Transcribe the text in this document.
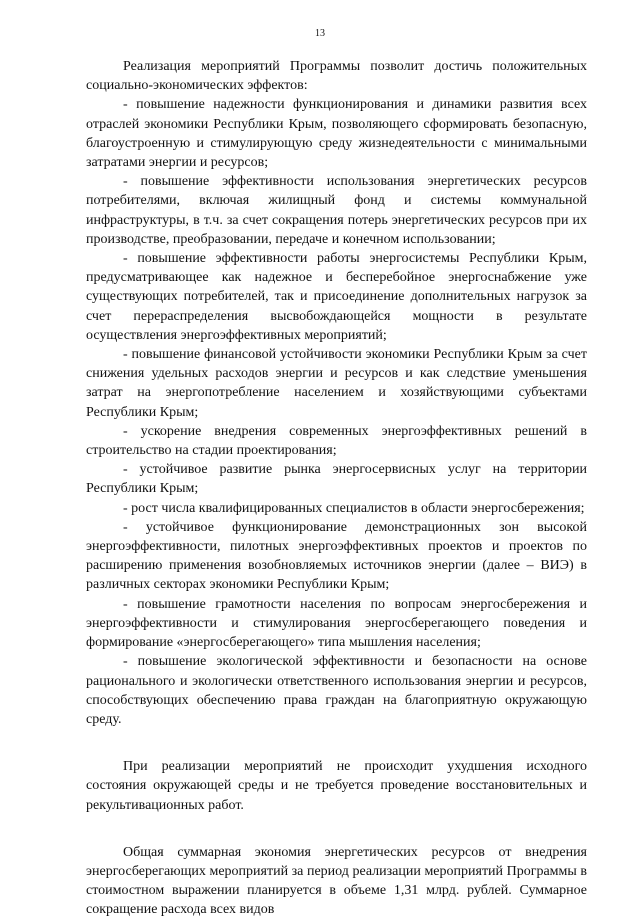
13

Реализация мероприятий Программы позволит достичь положительных социально-экономических эффектов:

- повышение надежности функционирования и динамики развития всех отраслей экономики Республики Крым, позволяющего сформировать безопасную, благоустроенную и стимулирующую среду жизнедеятельности с минимальными затратами энергии и ресурсов;

- повышение эффективности использования энергетических ресурсов потребителями, включая жилищный фонд и системы коммунальной инфраструктуры, в т.ч. за счет сокращения потерь энергетических ресурсов при их производстве, преобразовании, передаче и конечном использовании;

- повышение эффективности работы энергосистемы Республики Крым, предусматривающее как надежное и бесперебойное энергоснабжение уже существующих потребителей, так и присоединение дополнительных нагрузок за счет перераспределения высвобождающейся мощности в результате осуществления энергоэффективных мероприятий;

- повышение финансовой устойчивости экономики Республики Крым за счет снижения удельных расходов энергии и ресурсов и как следствие уменьшения затрат на энергопотребление населением и хозяйствующими субъектами Республики Крым;

- ускорение внедрения современных энергоэффективных решений в строительство на стадии проектирования;

- устойчивое развитие рынка энергосервисных услуг на территории Республики Крым;

- рост числа квалифицированных специалистов в области энергосбережения;

- устойчивое функционирование демонстрационных зон высокой энергоэффективности, пилотных энергоэффективных проектов и проектов по расширению применения возобновляемых источников энергии (далее – ВИЭ) в различных секторах экономики Республики Крым;

- повышение грамотности населения по вопросам энергосбережения и энергоэффективности и стимулирования энергосберегающего поведения и формирование «энергосберегающего» типа мышления населения;

- повышение экологической эффективности и безопасности на основе рационального и экологически ответственного использования энергии и ресурсов, способствующих обеспечению права граждан на благоприятную окружающую среду.

При реализации мероприятий не происходит ухудшения исходного состояния окружающей среды и не требуется проведение восстановительных и рекультивационных работ.

Общая суммарная экономия энергетических ресурсов от внедрения энергосберегающих мероприятий за период реализации мероприятий Программы в стоимостном выражении планируется в объеме 1,31 млрд. рублей. Суммарное сокращение расхода всех видов
